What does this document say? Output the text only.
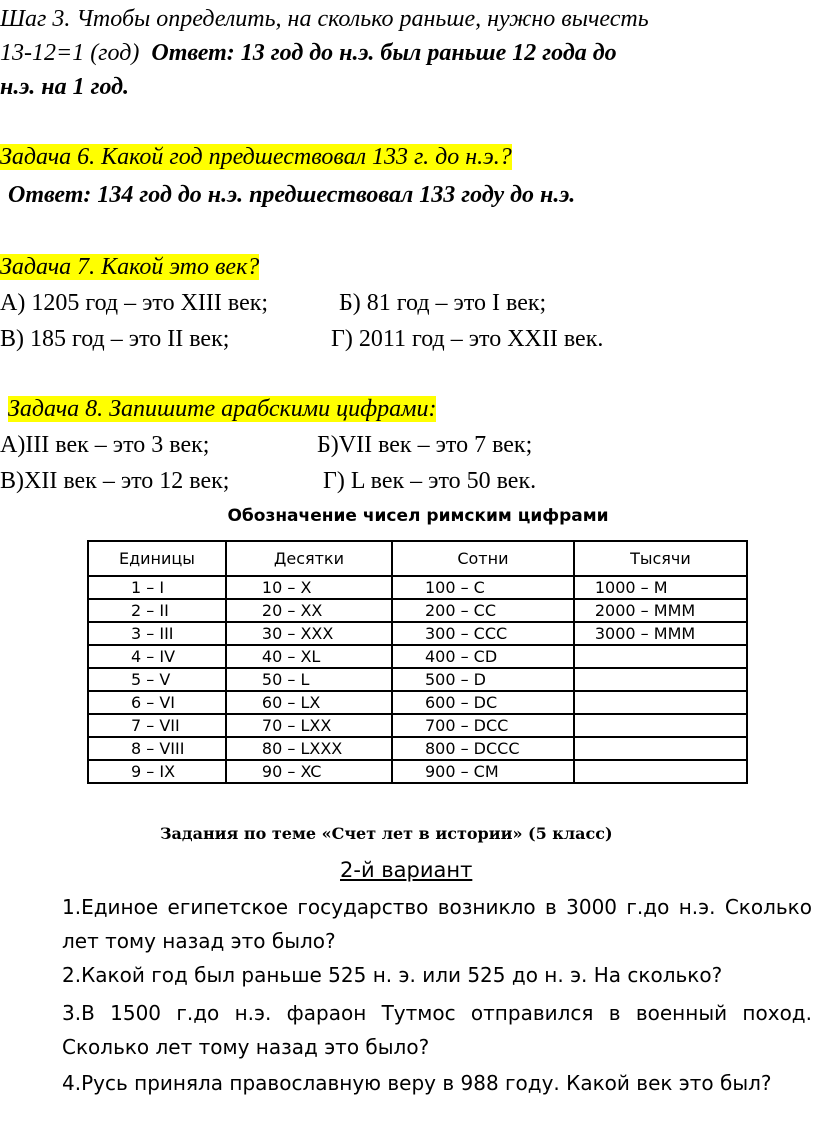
Шаг 3. Чтобы определить, на сколько раньше, нужно вычесть
13-12=1 (год) Ответ: 13 год до н.э. был раньше 12 года до
н.э. на 1 год.
Задача 6. Какой год предшествовал 133 г. до н.э.?
Ответ: 134 год до н.э. предшествовал 133 году до н.э.
Задача 7. Какой это век?
А) 1205 год – это XIII век;	Б) 81 год – это I век;
В) 185 год – это II век;	Г) 2011 год – это XXII век.
Задача 8. Запишите арабскими цифрами:
А)III век – это 3 век;	Б)VII век – это 7 век;
В)XII век – это 12 век;	Г) L век – это 50 век.
Обозначение чисел римским цифрами
Единицы	Десятки	Сотни	Тысячи
1 – I	10 – X	100 – C	1000 – M
2 – II	20 – XX	200 – CC	2000 – MMM
3 – III	30 – XXX	300 – CCC	3000 – MMM
4 – IV	40 – XL	400 – CD	
5 – V	50 – L	500 – D	
6 – VI	60 – LX	600 – DC	
7 – VII	70 – LXX	700 – DCC	
8 – VIII	80 – LXXX	800 – DCCC	
9 – IX	90 – XC	900 – CM	
Задания по теме «Счет лет в истории» (5 класс)
2-й вариант
1.Единое египетское государство возникло в 3000 г.до н.э. Сколько лет тому назад это было?
2.Какой год был раньше 525 н. э. или 525 до н. э. На сколько?
3.В 1500 г.до н.э. фараон Тутмос отправился в военный поход. Сколько лет тому назад это было?
4.Русь приняла православную веру в 988 году. Какой век это был?
